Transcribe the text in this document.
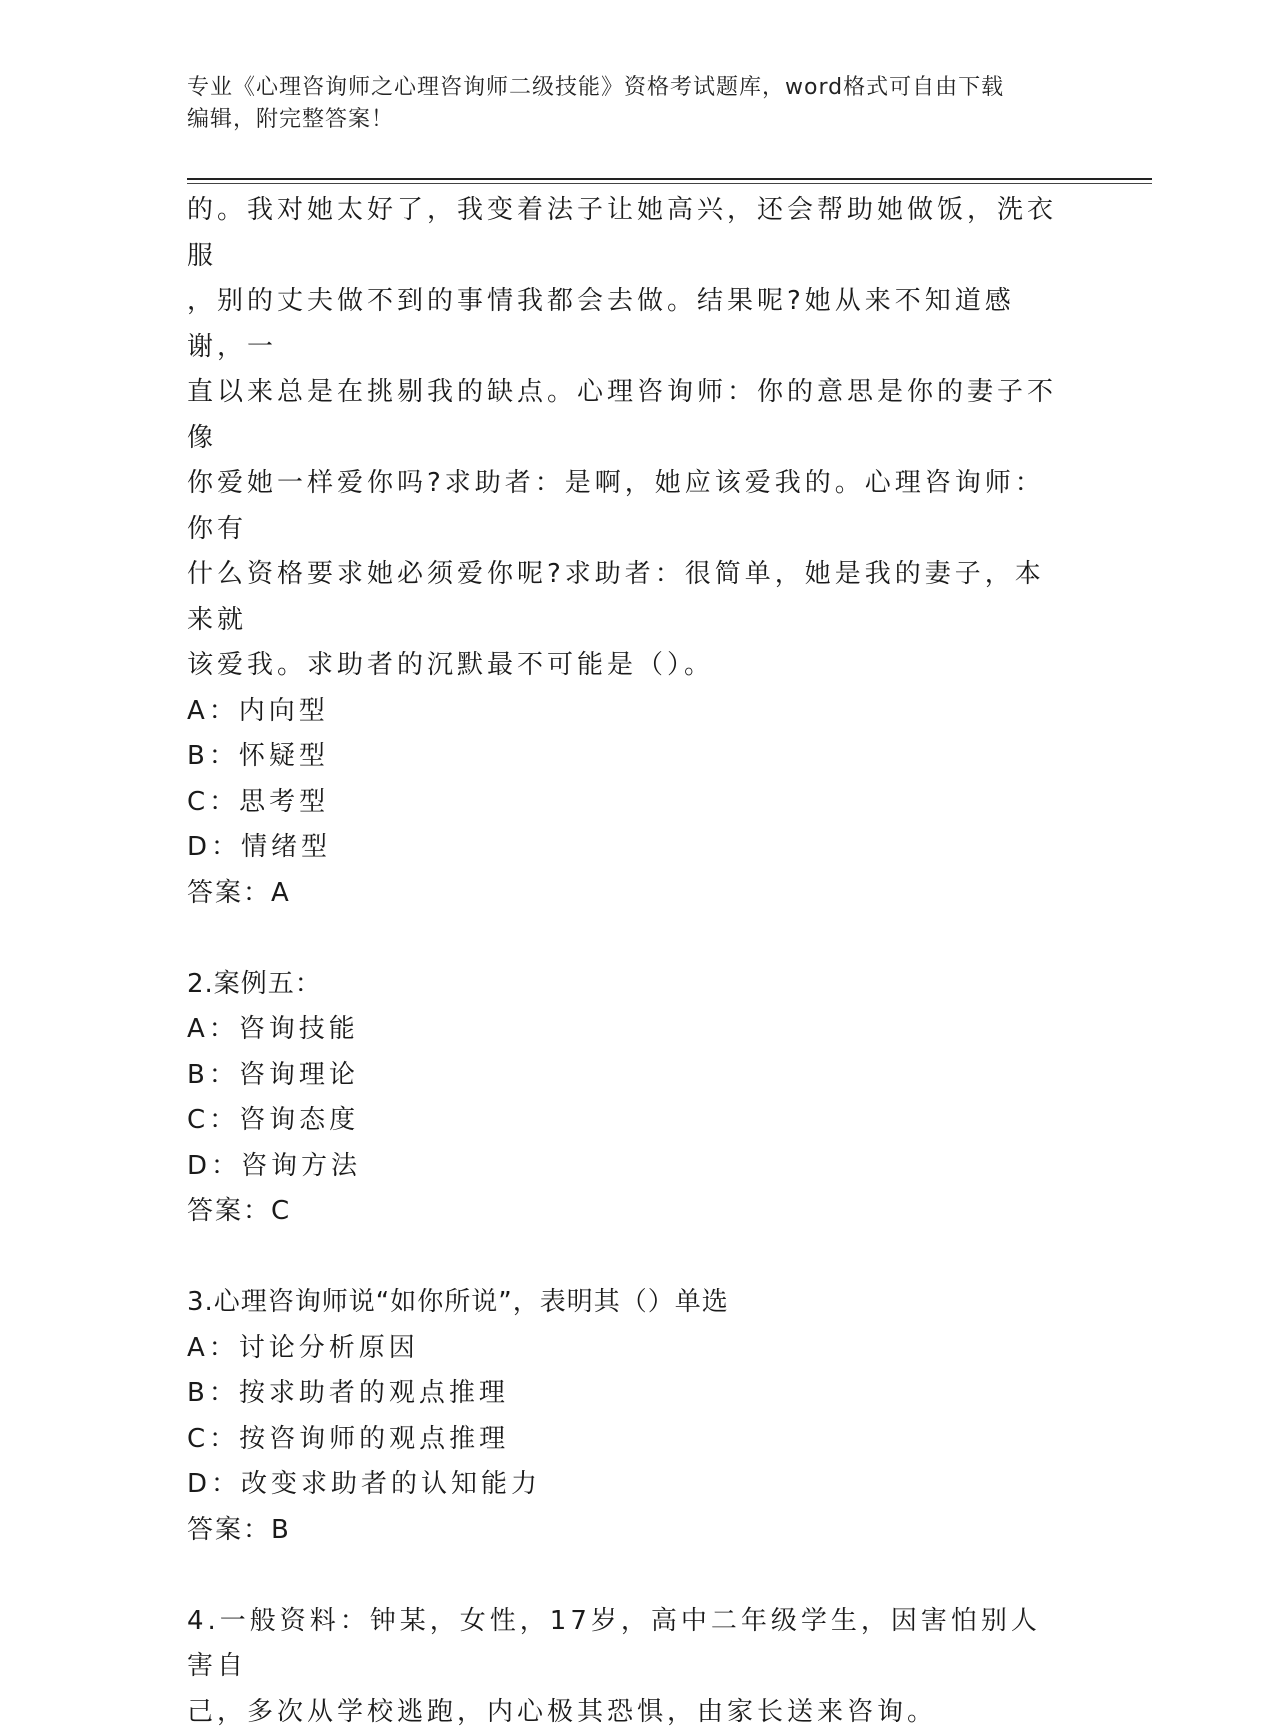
专业《心理咨询师之心理咨询师二级技能》资格考试题库，word格式可自由下载
编辑，附完整答案！

的。我对她太好了，我变着法子让她高兴，还会帮助她做饭，洗衣服

，别的丈夫做不到的事情我都会去做。结果呢?她从来不知道感谢，一

直以来总是在挑剔我的缺点。心理咨询师：你的意思是你的妻子不像

你爱她一样爱你吗?求助者：是啊，她应该爱我的。心理咨询师：你有

什么资格要求她必须爱你呢?求助者：很简单，她是我的妻子，本来就

该爱我。求助者的沉默最不可能是（）。

A：内向型

B：怀疑型

C：思考型

D：情绪型

答案：A

2.案例五：

A：咨询技能

B：咨询理论

C：咨询态度

D：咨询方法

答案：C

3.心理咨询师说“如你所说”，表明其（）单选

A：讨论分析原因

B：按求助者的观点推理

C：按咨询师的观点推理

D：改变求助者的认知能力

答案：B

4.一般资料：钟某，女性，17岁，高中二年级学生，因害怕别人害自

己，多次从学校逃跑，内心极其恐惧，由家长送来咨询。
